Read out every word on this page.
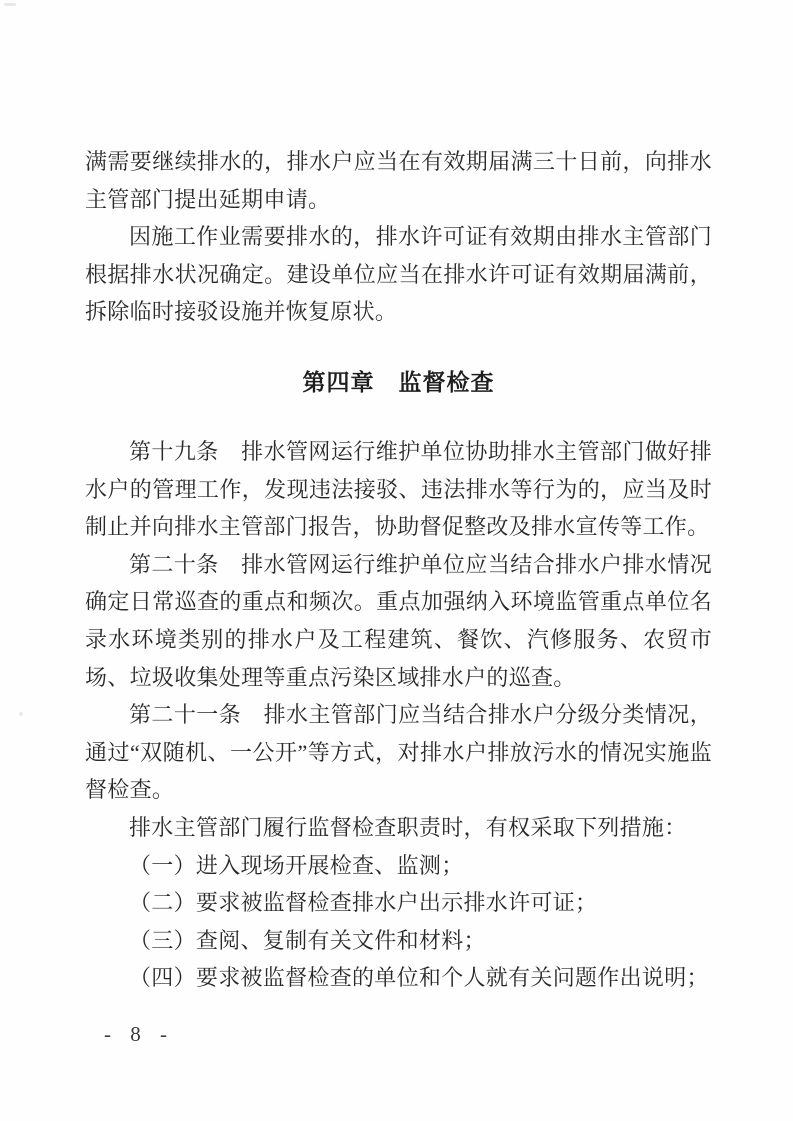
满需要继续排水的，排水户应当在有效期届满三十日前，向排水主管部门提出延期申请。

因施工作业需要排水的，排水许可证有效期由排水主管部门根据排水状况确定。建设单位应当在排水许可证有效期届满前，拆除临时接驳设施并恢复原状。

第四章　监督检查

第十九条　排水管网运行维护单位协助排水主管部门做好排水户的管理工作，发现违法接驳、违法排水等行为的，应当及时制止并向排水主管部门报告，协助督促整改及排水宣传等工作。

第二十条　排水管网运行维护单位应当结合排水户排水情况确定日常巡查的重点和频次。重点加强纳入环境监管重点单位名录水环境类别的排水户及工程建筑、餐饮、汽修服务、农贸市场、垃圾收集处理等重点污染区域排水户的巡查。

第二十一条　排水主管部门应当结合排水户分级分类情况，通过“双随机、一公开”等方式，对排水户排放污水的情况实施监督检查。

排水主管部门履行监督检查职责时，有权采取下列措施：

（一）进入现场开展检查、监测；
（二）要求被监督检查排水户出示排水许可证；
（三）查阅、复制有关文件和材料；
（四）要求被监督检查的单位和个人就有关问题作出说明；
- 8 -
